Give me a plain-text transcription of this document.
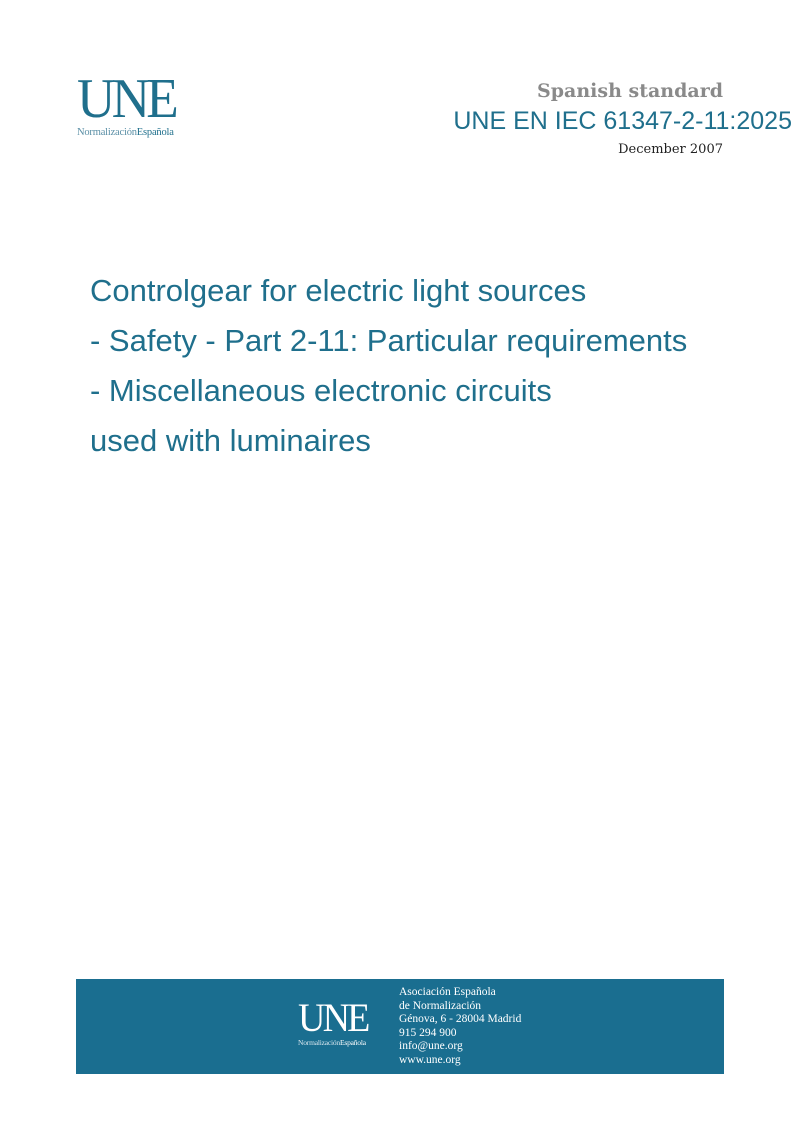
UNE
NormalizaciónEspañola
Spanish standard
UNE EN IEC 61347-2-11:2025
December 2007
Controlgear for electric light sources
- Safety - Part 2-11: Particular requirements
- Miscellaneous electronic circuits
used with luminaires
UNE
NormalizaciónEspañola
Asociación Española
de Normalización
Génova, 6 - 28004 Madrid
915 294 900
info@une.org
www.une.org
